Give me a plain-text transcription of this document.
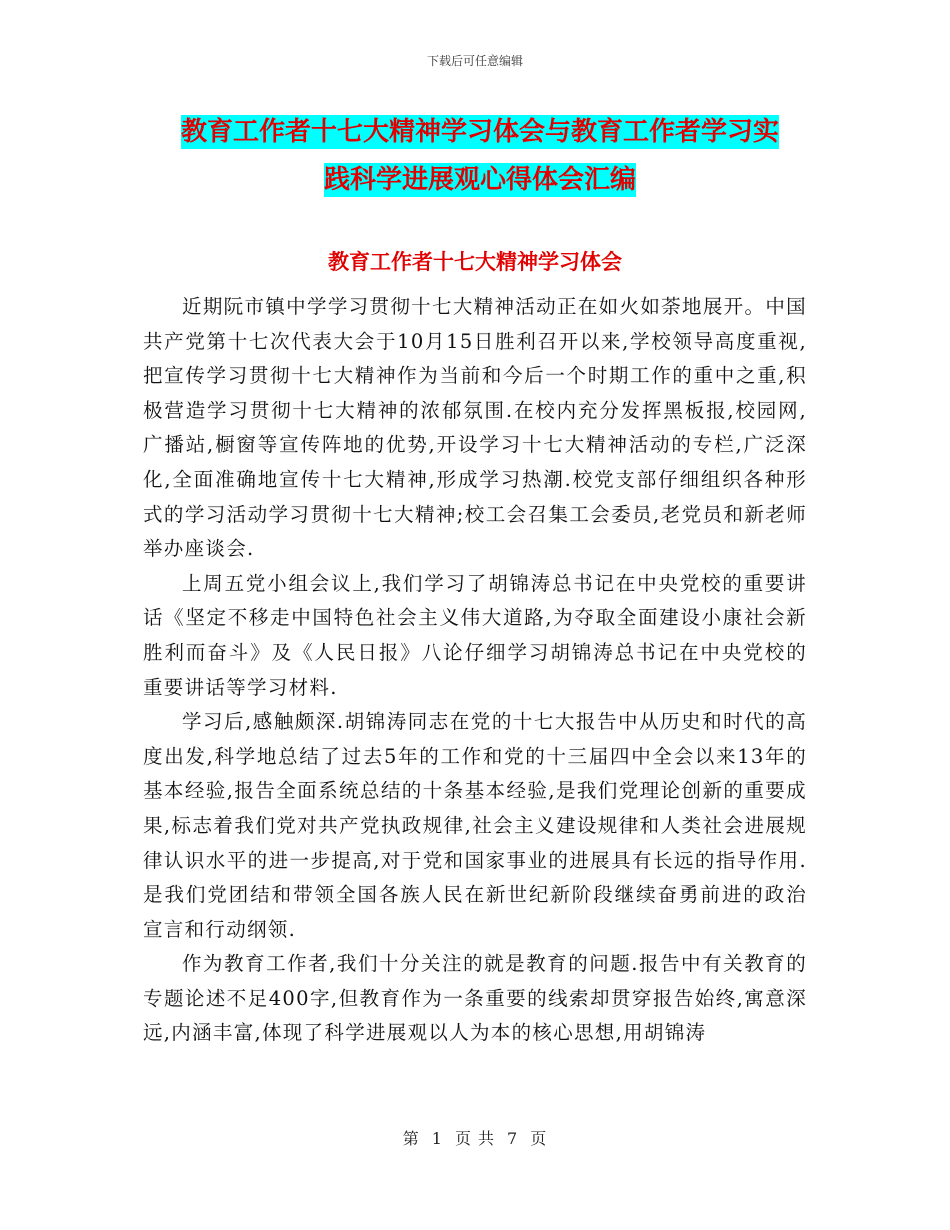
下载后可任意编辑
教育工作者十七大精神学习体会与教育工作者学习实
践科学进展观心得体会汇编
教育工作者十七大精神学习体会

近期阮市镇中学学习贯彻十七大精神活动正在如火如荼地展开。中国共产党第十七次代表大会于10月15日胜利召开以来,学校领导高度重视,把宣传学习贯彻十七大精神作为当前和今后一个时期工作的重中之重,积极营造学习贯彻十七大精神的浓郁氛围.在校内充分发挥黑板报,校园网,广播站,橱窗等宣传阵地的优势,开设学习十七大精神活动的专栏,广泛深化,全面准确地宣传十七大精神,形成学习热潮.校党支部仔细组织各种形式的学习活动学习贯彻十七大精神;校工会召集工会委员,老党员和新老师举办座谈会.

上周五党小组会议上,我们学习了胡锦涛总书记在中央党校的重要讲话《坚定不移走中国特色社会主义伟大道路,为夺取全面建设小康社会新胜利而奋斗》及《人民日报》八论仔细学习胡锦涛总书记在中央党校的重要讲话等学习材料.

学习后,感触颇深.胡锦涛同志在党的十七大报告中从历史和时代的高度出发,科学地总结了过去5年的工作和党的十三届四中全会以来13年的基本经验,报告全面系统总结的十条基本经验,是我们党理论创新的重要成果,标志着我们党对共产党执政规律,社会主义建设规律和人类社会进展规律认识水平的进一步提高,对于党和国家事业的进展具有长远的指导作用.是我们党团结和带领全国各族人民在新世纪新阶段继续奋勇前进的政治宣言和行动纲领.

作为教育工作者,我们十分关注的就是教育的问题.报告中有关教育的专题论述不足400字,但教育作为一条重要的线索却贯穿报告始终,寓意深远,内涵丰富,体现了科学进展观以人为本的核心思想,用胡锦涛

第 1 页 共 7 页
